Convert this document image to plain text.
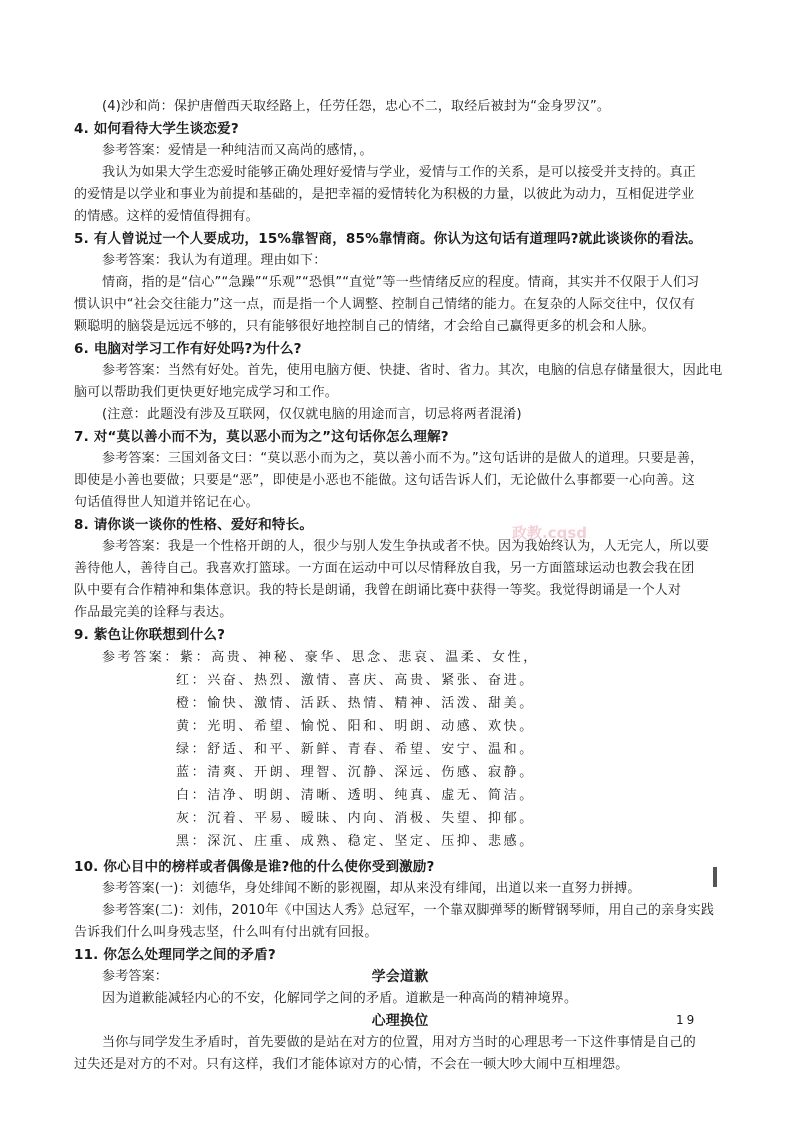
(4)沙和尚：保护唐僧西天取经路上，任劳任怨，忠心不二，取经后被封为“金身罗汉”。
4. 如何看待大学生谈恋爱?
参考答案：爱情是一种纯洁而又高尚的感情，。
我认为如果大学生恋爱时能够正确处理好爱情与学业，爱情与工作的关系，是可以接受并支持的。真正
的爱情是以学业和事业为前提和基础的，是把幸福的爱情转化为积极的力量，以彼此为动力，互相促进学业
的情感。这样的爱情值得拥有。
5. 有人曾说过一个人要成功，15%靠智商，85%靠情商。你认为这句话有道理吗?就此谈谈你的看法。
参考答案：我认为有道理。理由如下：
情商，指的是“信心”“急躁”“乐观”“恐惧”“直觉”等一些情绪反应的程度。情商，其实并不仅限于人们习
惯认识中“社会交往能力”这一点，而是指一个人调整、控制自己情绪的能力。在复杂的人际交往中，仅仅有
颗聪明的脑袋是远远不够的，只有能够很好地控制自己的情绪，才会给自己赢得更多的机会和人脉。
6. 电脑对学习工作有好处吗?为什么?
参考答案：当然有好处。首先，使用电脑方便、快捷、省时、省力。其次，电脑的信息存储量很大，因此电
脑可以帮助我们更快更好地完成学习和工作。
(注意：此题没有涉及互联网，仅仅就电脑的用途而言，切忌将两者混淆)
7. 对“莫以善小而不为，莫以恶小而为之”这句话你怎么理解?
参考答案：三国刘备文曰：“莫以恶小而为之，莫以善小而不为。”这句话讲的是做人的道理。只要是善，
即使是小善也要做；只要是“恶”，即使是小恶也不能做。这句话告诉人们，无论做什么事都要一心向善。这
句话值得世人知道并铭记在心。
8. 请你谈一谈你的性格、爱好和特长。
参考答案：我是一个性格开朗的人，很少与别人发生争执或者不快。因为我始终认为，人无完人，所以要
善待他人，善待自己。我喜欢打篮球。一方面在运动中可以尽情释放自我，另一方面篮球运动也教会我在团
队中要有合作精神和集体意识。我的特长是朗诵，我曾在朗诵比赛中获得一等奖。我觉得朗诵是一个人对
作品最完美的诠释与表达。
9. 紫色让你联想到什么?
参考答案：紫：高贵、神秘、豪华、思念、悲哀、温柔、女性，
红：兴奋、热烈、激情、喜庆、高贵、紧张、奋进。
橙：愉快、激情、活跃、热情、精神、活泼、甜美。
黄：光明、希望、愉悦、阳和、明朗、动感、欢快。
绿：舒适、和平、新鲜、青春、希望、安宁、温和。
蓝：清爽、开朗、理智、沉静、深远、伤感、寂静。
白：洁净、明朗、清晰、透明、纯真、虚无、简洁。
灰：沉着、平易、暧昧、内向、消极、失望、抑郁。
黑：深沉、庄重、成熟、稳定、坚定、压抑、悲感。
10. 你心目中的榜样或者偶像是谁?他的什么使你受到激励?
参考答案(一)：刘德华，身处绯闻不断的影视圈，却从来没有绯闻，出道以来一直努力拼搏。
参考答案(二)：刘伟，2010年《中国达人秀》总冠军，一个靠双脚弹琴的断臂钢琴师，用自己的亲身实践
告诉我们什么叫身残志坚，什么叫有付出就有回报。
11. 你怎么处理同学之间的矛盾?
参考答案：	学会道歉
因为道歉能减轻内心的不安，化解同学之间的矛盾。道歉是一种高尚的精神境界。
心理换位
当你与同学发生矛盾时，首先要做的是站在对方的位置，用对方当时的心理思考一下这件事情是自己的
过失还是对方的不对。只有这样，我们才能体谅对方的心情，不会在一顿大吵大闹中互相埋怨。
19
政教.cqsd
